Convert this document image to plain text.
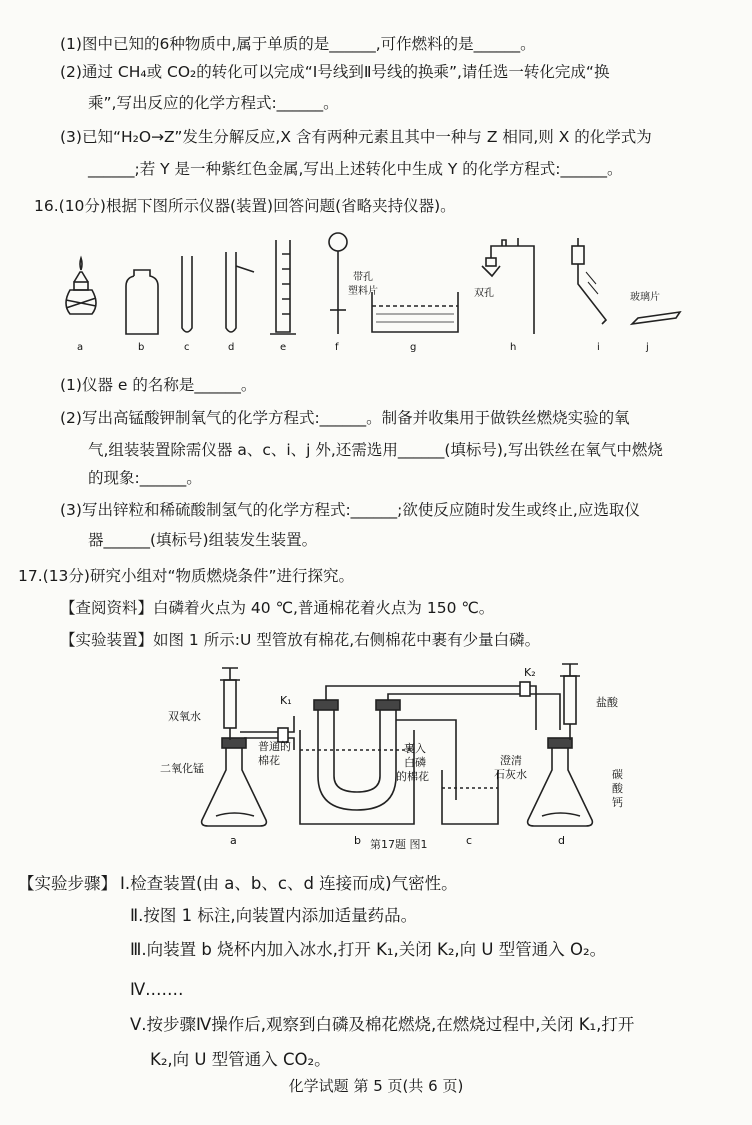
(1)图中已知的6种物质中,属于单质的是______,可作燃料的是______。
(2)通过 CH₄或 CO₂的转化可以完成“Ⅰ号线到Ⅱ号线的换乘”,请任选一转化完成“换
乘”,写出反应的化学方程式:______。
(3)已知“H₂O→Z”发生分解反应,X 含有两种元素且其中一种与 Z 相同,则 X 的化学式为
______;若 Y 是一种紫红色金属,写出上述转化中生成 Y 的化学方程式:______。
16.(10分)根据下图所示仪器(装置)回答问题(省略夹持仪器)。
带孔
塑料片	双孔	玻璃片
a	b	c	d	e	f	g	h	i	j
(1)仪器 e 的名称是______。
(2)写出高锰酸钾制氧气的化学方程式:______。制备并收集用于做铁丝燃烧实验的氧
气,组装装置除需仪器 a、c、i、j 外,还需选用______(填标号),写出铁丝在氧气中燃烧
的现象:______。
(3)写出锌粒和稀硫酸制氢气的化学方程式:______;欲使反应随时发生或终止,应选取仪
器______(填标号)组装发生装置。
17.(13分)研究小组对“物质燃烧条件”进行探究。
【查阅资料】白磷着火点为 40 ℃,普通棉花着火点为 150 ℃。
【实验装置】如图 1 所示:U 型管放有棉花,右侧棉花中裹有少量白磷。
双氧水
二氧化锰
K₁
普通的
棉花
裹入
白磷
的棉花
澄清
石灰水
K₂
盐酸
碳
酸
钙
a	b	c	d
第17题 图1
【实验步骤】 Ⅰ.检查装置(由 a、b、c、d 连接而成)气密性。
Ⅱ.按图 1 标注,向装置内添加适量药品。
Ⅲ.向装置 b 烧杯内加入冰水,打开 K₁,关闭 K₂,向 U 型管通入 O₂。
Ⅳ.……
Ⅴ.按步骤Ⅳ操作后,观察到白磷及棉花燃烧,在燃烧过程中,关闭 K₁,打开
K₂,向 U 型管通入 CO₂。
化学试题 第 5 页(共 6 页)
